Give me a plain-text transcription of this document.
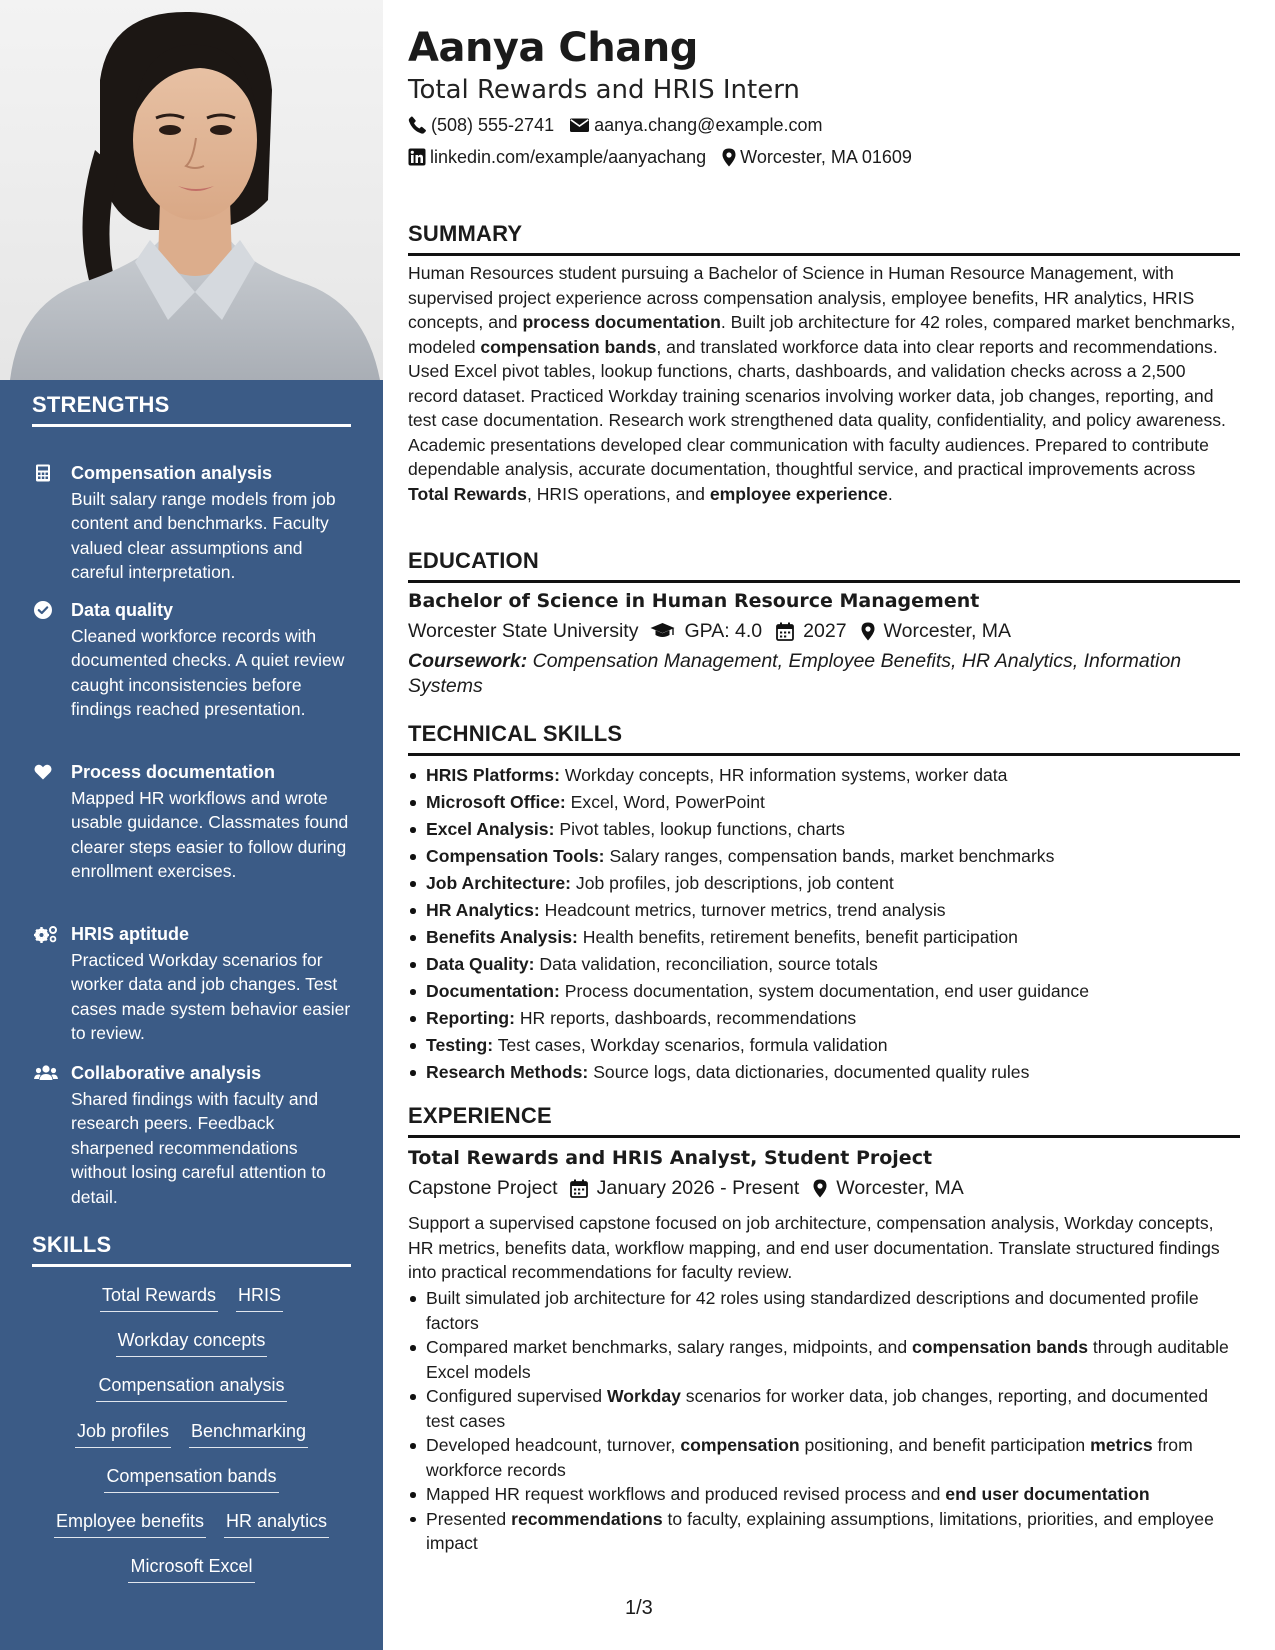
STRENGTHS
Compensation analysis
Built salary range models from job content and benchmarks. Faculty valued clear assumptions and careful interpretation.
Data quality
Cleaned workforce records with documented checks. A quiet review caught inconsistencies before findings reached presentation.
Process documentation
Mapped HR workflows and wrote usable guidance. Classmates found clearer steps easier to follow during enrollment exercises.
HRIS aptitude
Practiced Workday scenarios for worker data and job changes. Test cases made system behavior easier to review.
Collaborative analysis
Shared findings with faculty and research peers. Feedback sharpened recommendations without losing careful attention to detail.
SKILLS
Total Rewards HRIS
Workday concepts
Compensation analysis
Job profiles Benchmarking
Compensation bands
Employee benefits HR analytics
Microsoft Excel
Aanya Chang
Total Rewards and HRIS Intern
(508) 555-2741 aanya.chang@example.com
linkedin.com/example/aanyachang Worcester, MA 01609
SUMMARY

Human Resources student pursuing a Bachelor of Science in Human Resource Management, with supervised project experience across compensation analysis, employee benefits, HR analytics, HRIS concepts, and process documentation. Built job architecture for 42 roles, compared market benchmarks, modeled compensation bands, and translated workforce data into clear reports and recommendations. Used Excel pivot tables, lookup functions, charts, dashboards, and validation checks across a 2,500 record dataset. Practiced Workday training scenarios involving worker data, job changes, reporting, and test case documentation. Research work strengthened data quality, confidentiality, and policy awareness. Academic presentations developed clear communication with faculty audiences. Prepared to contribute dependable analysis, accurate documentation, thoughtful service, and practical improvements across Total Rewards, HRIS operations, and employee experience.

EDUCATION
Bachelor of Science in Human Resource Management
Worcester State University GPA: 4.0 2027 Worcester, MA
Coursework: Compensation Management, Employee Benefits, HR Analytics, Information Systems
TECHNICAL SKILLS
HRIS Platforms: Workday concepts, HR information systems, worker data
Microsoft Office: Excel, Word, PowerPoint
Excel Analysis: Pivot tables, lookup functions, charts
Compensation Tools: Salary ranges, compensation bands, market benchmarks
Job Architecture: Job profiles, job descriptions, job content
HR Analytics: Headcount metrics, turnover metrics, trend analysis
Benefits Analysis: Health benefits, retirement benefits, benefit participation
Data Quality: Data validation, reconciliation, source totals
Documentation: Process documentation, system documentation, end user guidance
Reporting: HR reports, dashboards, recommendations
Testing: Test cases, Workday scenarios, formula validation
Research Methods: Source logs, data dictionaries, documented quality rules
EXPERIENCE
Total Rewards and HRIS Analyst, Student Project
Capstone Project January 2026 - Present Worcester, MA

Support a supervised capstone focused on job architecture, compensation analysis, Workday concepts, HR metrics, benefits data, workflow mapping, and end user documentation. Translate structured findings into practical recommendations for faculty review.

Built simulated job architecture for 42 roles using standardized descriptions and documented profile factors
Compared market benchmarks, salary ranges, midpoints, and compensation bands through auditable Excel models
Configured supervised Workday scenarios for worker data, job changes, reporting, and documented test cases
Developed headcount, turnover, compensation positioning, and benefit participation metrics from workforce records
Mapped HR request workflows and produced revised process and end user documentation
Presented recommendations to faculty, explaining assumptions, limitations, priorities, and employee impact
1/3
